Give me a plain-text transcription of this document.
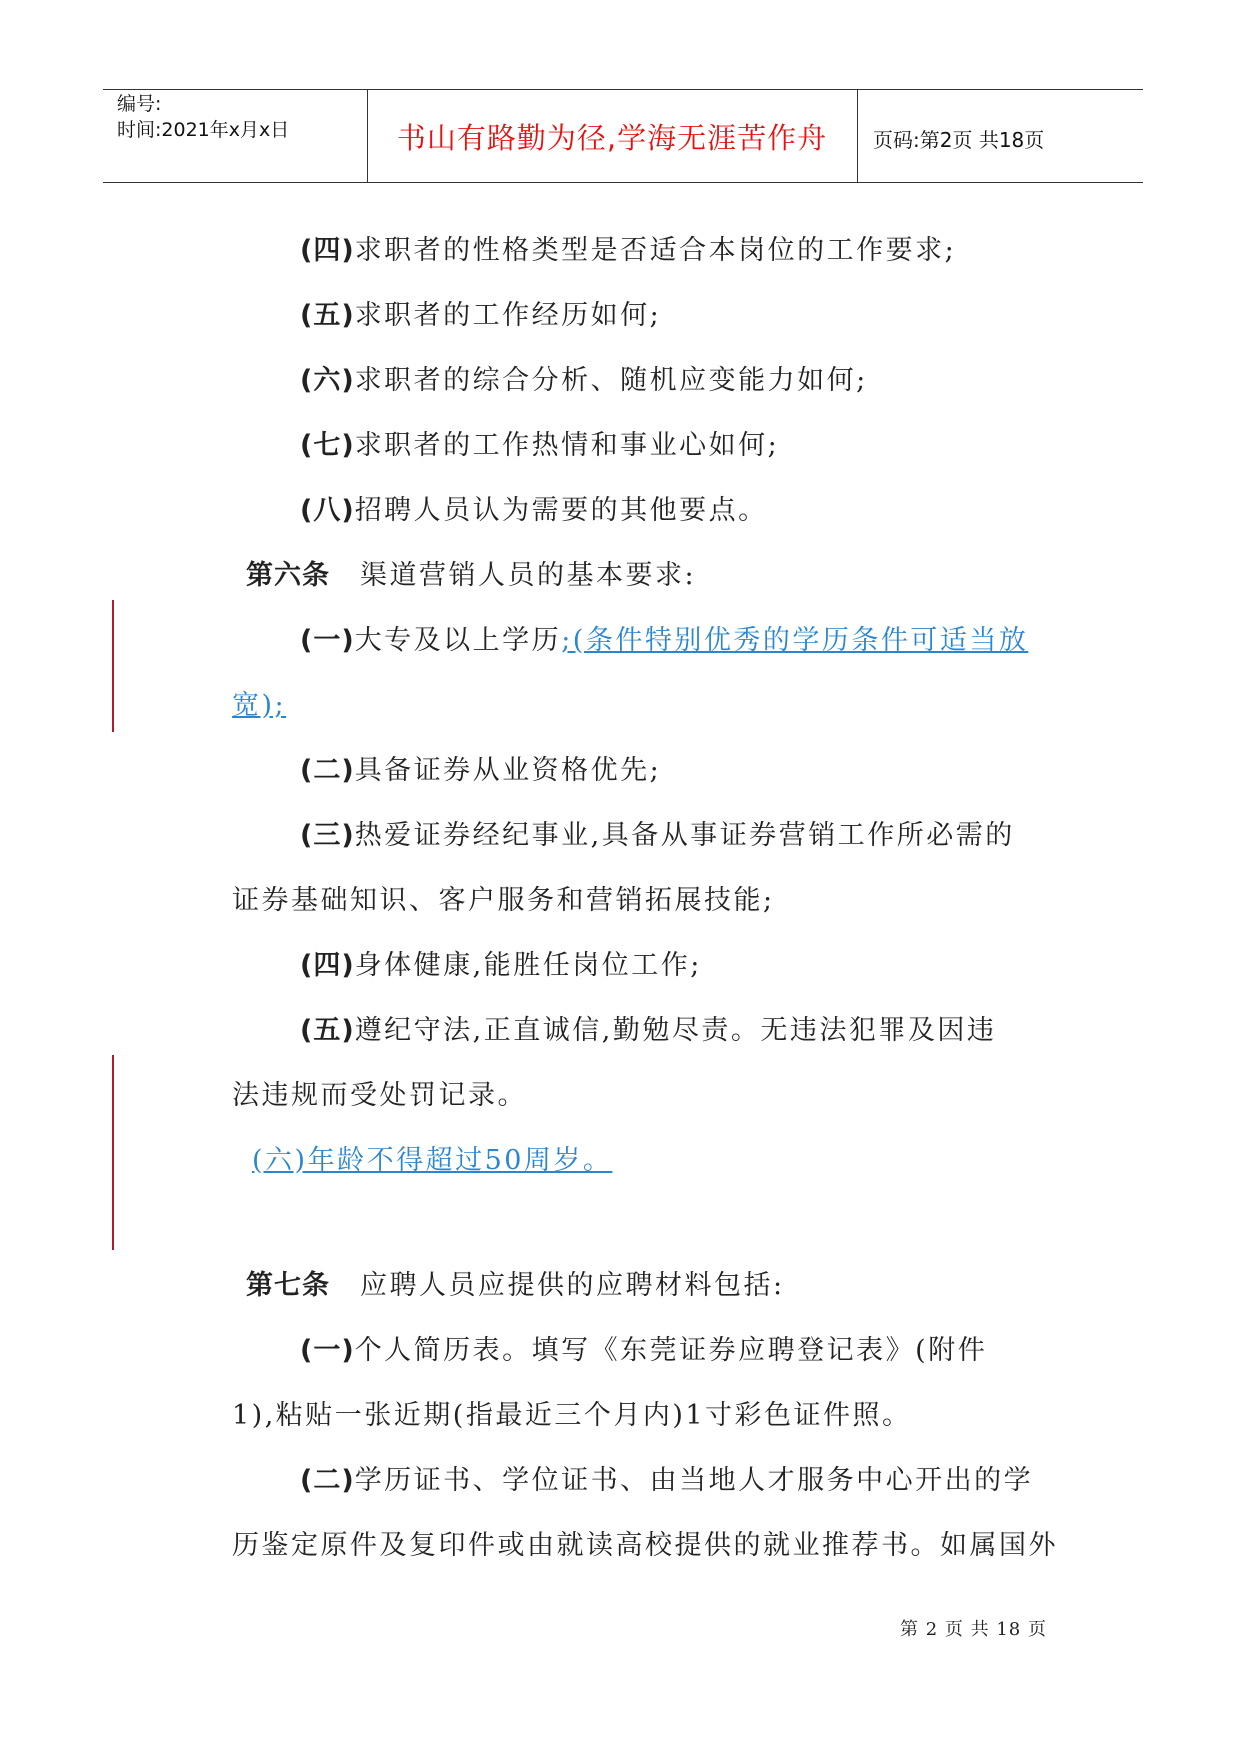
编号:
时间:2021年x月x日	书山有路勤为径,学海无涯苦作舟	页码:第2页 共18页
(四)求职者的性格类型是否适合本岗位的工作要求;
(五)求职者的工作经历如何;
(六)求职者的综合分析、随机应变能力如何;
(七)求职者的工作热情和事业心如何;
(八)招聘人员认为需要的其他要点。
第六条 渠道营销人员的基本要求:
(一)大专及以上学历;(条件特别优秀的学历条件可适当放
宽);
(二)具备证券从业资格优先;
(三)热爱证券经纪事业,具备从事证券营销工作所必需的
证券基础知识、客户服务和营销拓展技能;
(四)身体健康,能胜任岗位工作;
(五)遵纪守法,正直诚信,勤勉尽责。无违法犯罪及因违
法违规而受处罚记录。
(六)年龄不得超过50周岁。
第七条 应聘人员应提供的应聘材料包括:
(一)个人简历表。填写《东莞证券应聘登记表》(附件
1),粘贴一张近期(指最近三个月内)1寸彩色证件照。
(二)学历证书、学位证书、由当地人才服务中心开出的学
历鉴定原件及复印件或由就读高校提供的就业推荐书。如属国外
第 2 页 共 18 页
